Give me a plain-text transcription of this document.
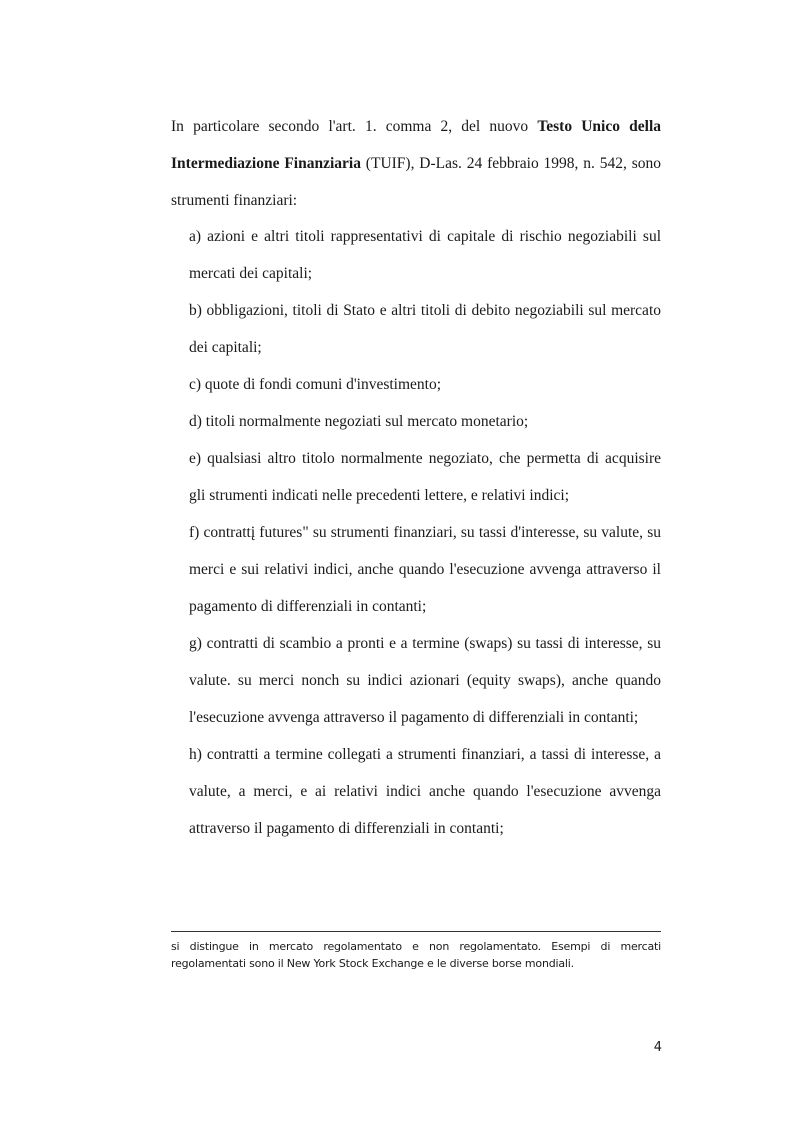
In particolare secondo l'art. 1. comma 2, del nuovo Testo Unico della Intermediazione Finanziaria (TUIF), D-Las. 24 febbraio 1998, n. 542, sono strumenti finanziari:

a) azioni e altri titoli rappresentativi di capitale di rischio negoziabili sul mercati dei capitali;
b) obbligazioni, titoli di Stato e altri titoli di debito negoziabili sul mercato dei capitali;
c) quote di fondi comuni d'investimento;
d) titoli normalmente negoziati sul mercato monetario;
e) qualsiasi altro titolo normalmente negoziato, che permetta di acquisire gli strumenti indicati nelle precedenti lettere, e relativi indici;
f) contrattį futures" su strumenti finanziari, su tassi d'interesse, su valute, su merci e sui relativi indici, anche quando l'esecuzione avvenga attraverso il pagamento di differenziali in contanti;
g) contratti di scambio a pronti e a termine (swaps) su tassi di interesse, su valute. su merci nonch su indici azionari (equity swaps), anche quando l'esecuzione avvenga attraverso il pagamento di differenziali in contanti;
h) contratti a termine collegati a strumenti finanziari, a tassi di interesse, a valute, a merci, e ai relativi indici anche quando l'esecuzione avvenga attraverso il pagamento di differenziali in contanti;

si distingue in mercato regolamentato e non regolamentato. Esempi di mercati regolamentati sono il New York Stock Exchange e le diverse borse mondiali.

4
